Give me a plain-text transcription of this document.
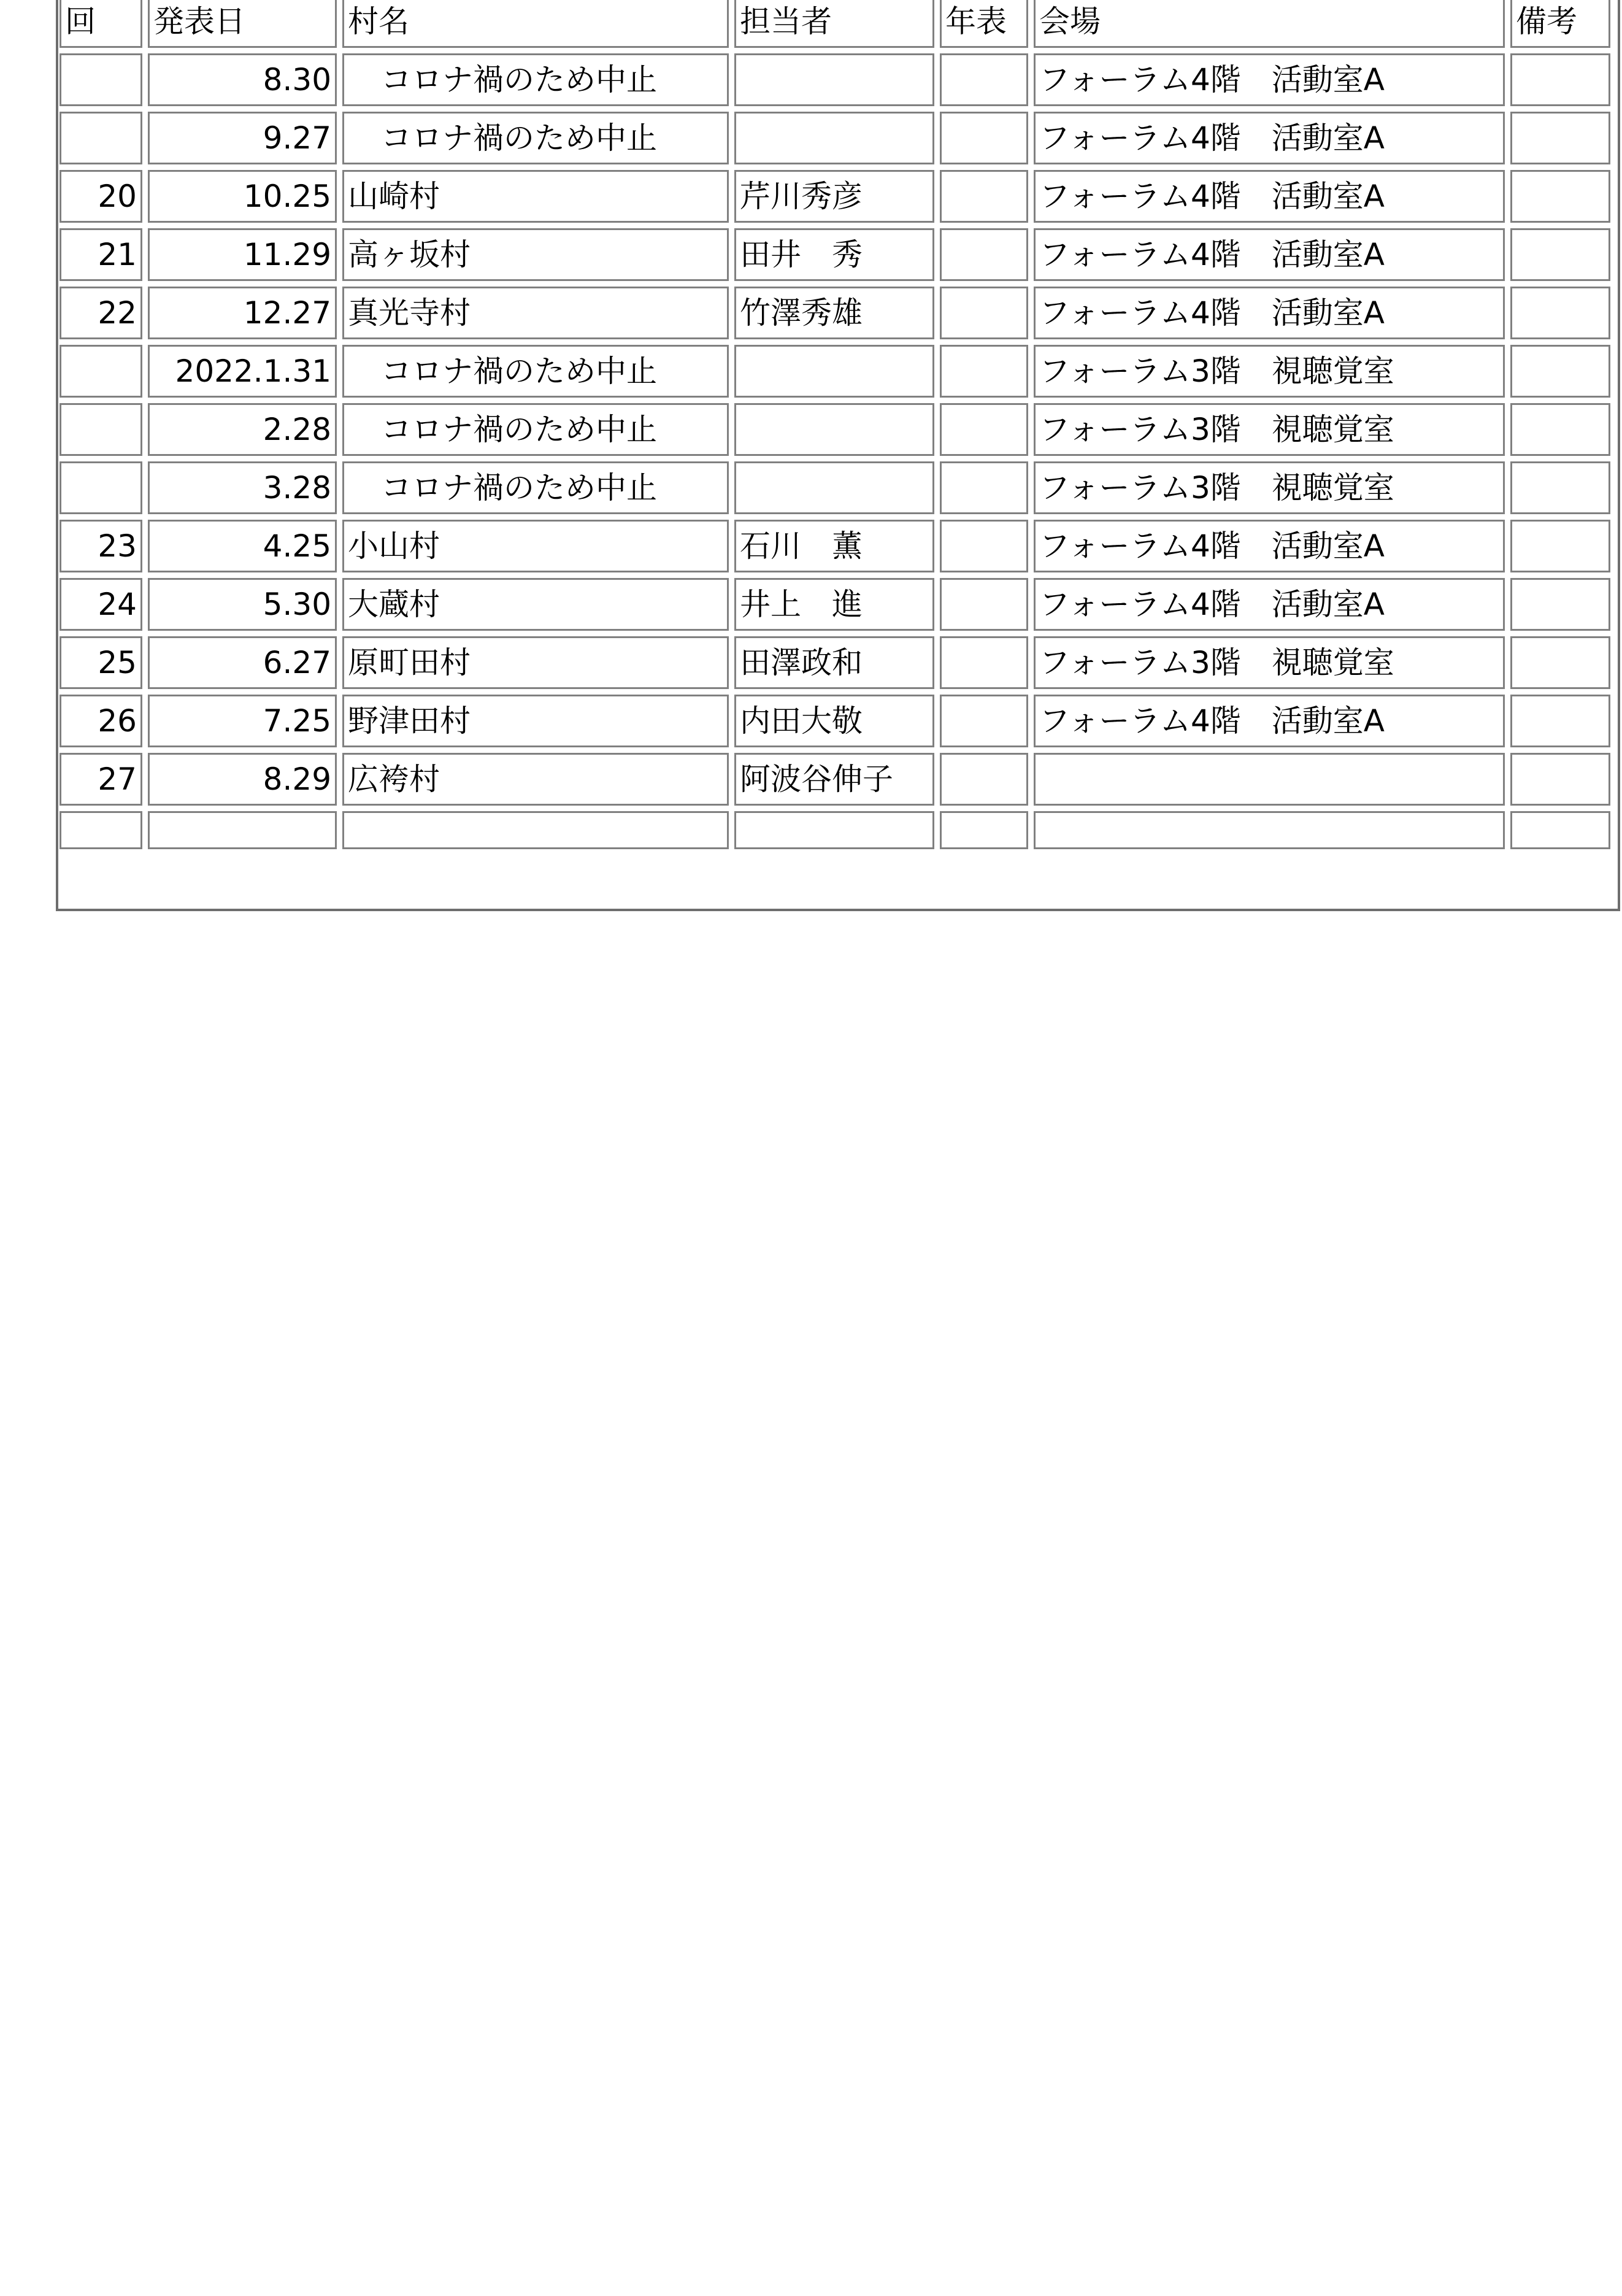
回	発表日	村名	担当者	年表	会場	備考
	8.30	コロナ禍のため中止			フォーラム4階　活動室A	
	9.27	コロナ禍のため中止			フォーラム4階　活動室A	
20	10.25	山崎村	芹川秀彦		フォーラム4階　活動室A	
21	11.29	高ヶ坂村	田井　秀		フォーラム4階　活動室A	
22	12.27	真光寺村	竹澤秀雄		フォーラム4階　活動室A	
	2022.1.31	コロナ禍のため中止			フォーラム3階　視聴覚室	
	2.28	コロナ禍のため中止			フォーラム3階　視聴覚室	
	3.28	コロナ禍のため中止			フォーラム3階　視聴覚室	
23	4.25	小山村	石川　薫		フォーラム4階　活動室A	
24	5.30	大蔵村	井上　進		フォーラム4階　活動室A	
25	6.27	原町田村	田澤政和		フォーラム3階　視聴覚室	
26	7.25	野津田村	内田大敬		フォーラム4階　活動室A	
27	8.29	広袴村	阿波谷伸子			
